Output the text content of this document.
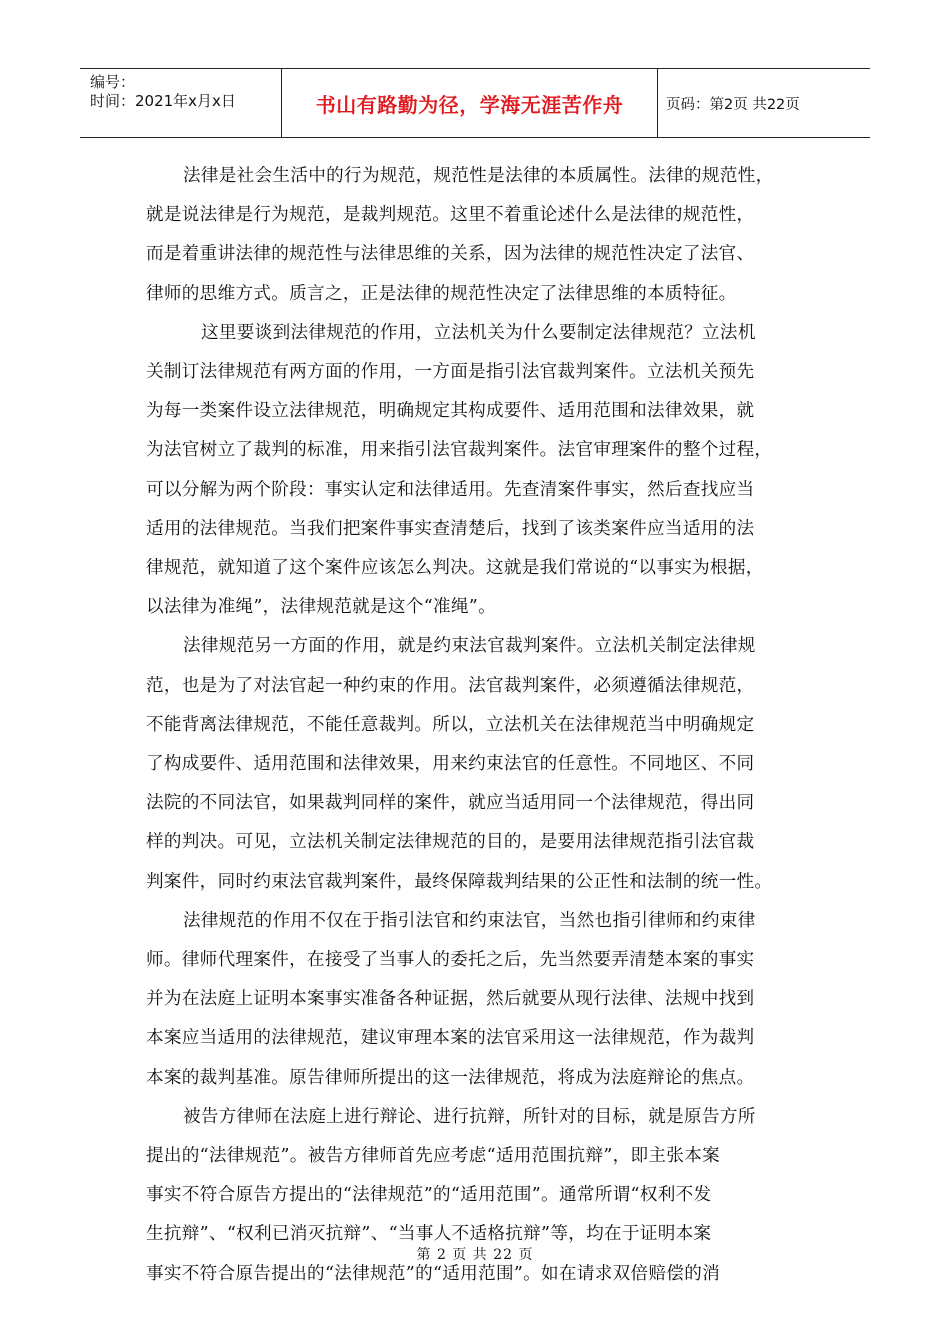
编号：
时间：2021年x月x日	书山有路勤为径，学海无涯苦作舟	页码：第2页 共22页

法律是社会生活中的行为规范，规范性是法律的本质属性。法律的规范性，

就是说法律是行为规范，是裁判规范。这里不着重论述什么是法律的规范性，

而是着重讲法律的规范性与法律思维的关系，因为法律的规范性决定了法官、

律师的思维方式。质言之，正是法律的规范性决定了法律思维的本质特征。

这里要谈到法律规范的作用，立法机关为什么要制定法律规范？立法机

关制订法律规范有两方面的作用，一方面是指引法官裁判案件。立法机关预先

为每一类案件设立法律规范，明确规定其构成要件、适用范围和法律效果，就

为法官树立了裁判的标准，用来指引法官裁判案件。法官审理案件的整个过程，

可以分解为两个阶段：事实认定和法律适用。先查清案件事实，然后查找应当

适用的法律规范。当我们把案件事实查清楚后，找到了该类案件应当适用的法

律规范，就知道了这个案件应该怎么判决。这就是我们常说的“以事实为根据，

以法律为准绳”，法律规范就是这个“准绳”。

法律规范另一方面的作用，就是约束法官裁判案件。立法机关制定法律规

范，也是为了对法官起一种约束的作用。法官裁判案件，必须遵循法律规范，

不能背离法律规范，不能任意裁判。所以，立法机关在法律规范当中明确规定

了构成要件、适用范围和法律效果，用来约束法官的任意性。不同地区、不同

法院的不同法官，如果裁判同样的案件，就应当适用同一个法律规范，得出同

样的判决。可见，立法机关制定法律规范的目的，是要用法律规范指引法官裁

判案件，同时约束法官裁判案件，最终保障裁判结果的公正性和法制的统一性。

法律规范的作用不仅在于指引法官和约束法官，当然也指引律师和约束律

师。律师代理案件，在接受了当事人的委托之后，先当然要弄清楚本案的事实

并为在法庭上证明本案事实准备各种证据，然后就要从现行法律、法规中找到

本案应当适用的法律规范，建议审理本案的法官采用这一法律规范，作为裁判

本案的裁判基准。原告律师所提出的这一法律规范，将成为法庭辩论的焦点。

被告方律师在法庭上进行辩论、进行抗辩，所针对的目标，就是原告方所

提出的“法律规范”。被告方律师首先应考虑“适用范围抗辩”，即主张本案

事实不符合原告方提出的“法律规范”的“适用范围”。通常所谓“权利不发

生抗辩”、“权利已消灭抗辩”、“当事人不适格抗辩”等，均在于证明本案

事实不符合原告提出的“法律规范”的“适用范围”。如在请求双倍赔偿的消

第 2 页 共 22 页
